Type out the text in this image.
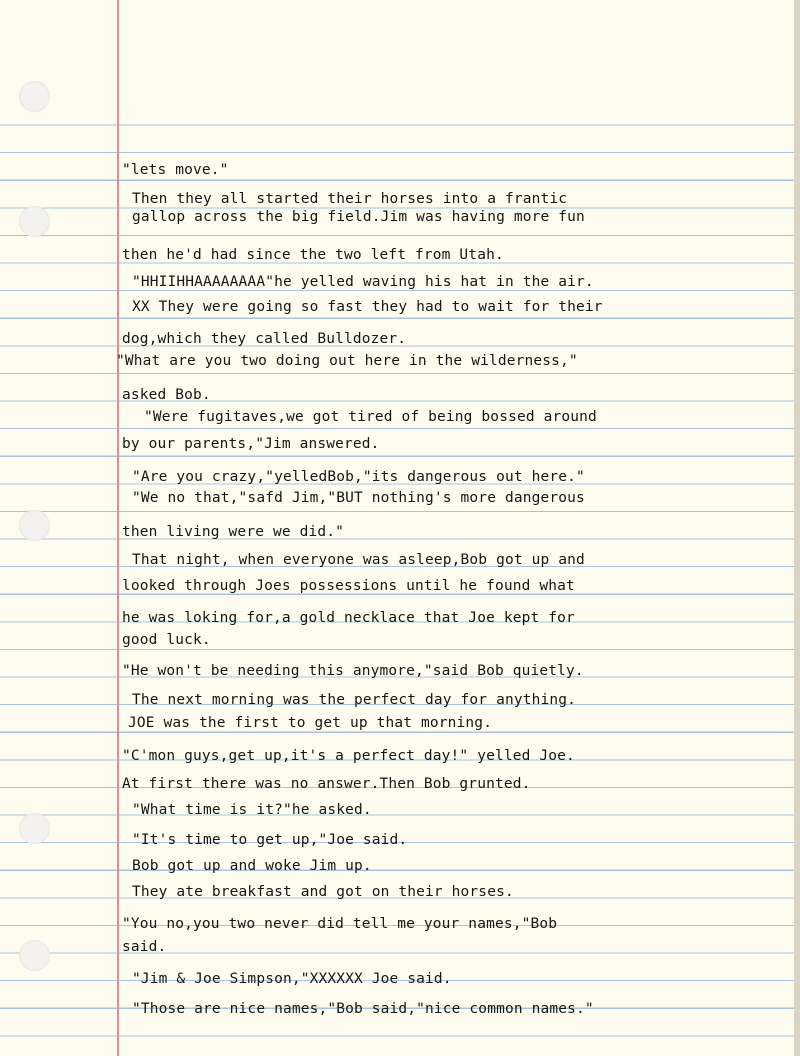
"lets move."

Then they all started their horses into a frantic

gallop across the big field.Jim was having more fun

then he'd had since the two left from Utah.

"HHIIHHAAAAAAAA"he yelled waving his hat in the air.

XX They were going so fast they had to wait for their

dog,which they called Bulldozer.

"What are you two doing out here in the wilderness,"

asked Bob.

"Were fugitaves,we got tired of being bossed around

by our parents,"Jim answered.

"Are you crazy,"yelledBob,"its dangerous out here."

"We no that,"safd Jim,"BUT nothing's more dangerous

then living were we did."

That night, when everyone was asleep,Bob got up and

looked through Joes possessions until he found what

he was loking for,a gold necklace that Joe kept for

good luck.

"He won't be needing this anymore,"said Bob quietly.

The next morning was the perfect day for anything.

JOE was the first to get up that morning.

"C'mon guys,get up,it's a perfect day!" yelled Joe.

At first there was no answer.Then Bob grunted.

"What time is it?"he asked.

"It's time to get up,"Joe said.

Bob got up and woke Jim up.

They ate breakfast and got on their horses.

"You no,you two never did tell me your names,"Bob

said.

"Jim & Joe Simpson,"XXXXXX Joe said.

"Those are nice names,"Bob said,"nice common names."
